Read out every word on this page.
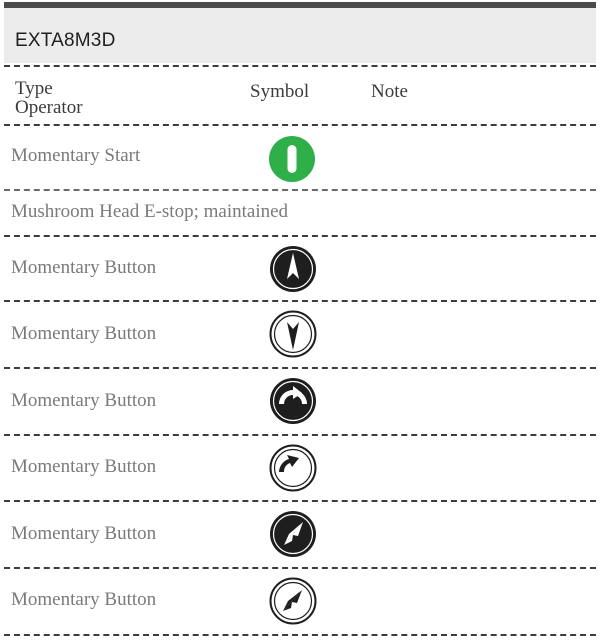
EXTA8M3D
Type
Operator
Symbol	Note
Momentary Start
Mushroom Head E-stop; maintained
Momentary Button
Momentary Button
Momentary Button
Momentary Button
Momentary Button
Momentary Button
